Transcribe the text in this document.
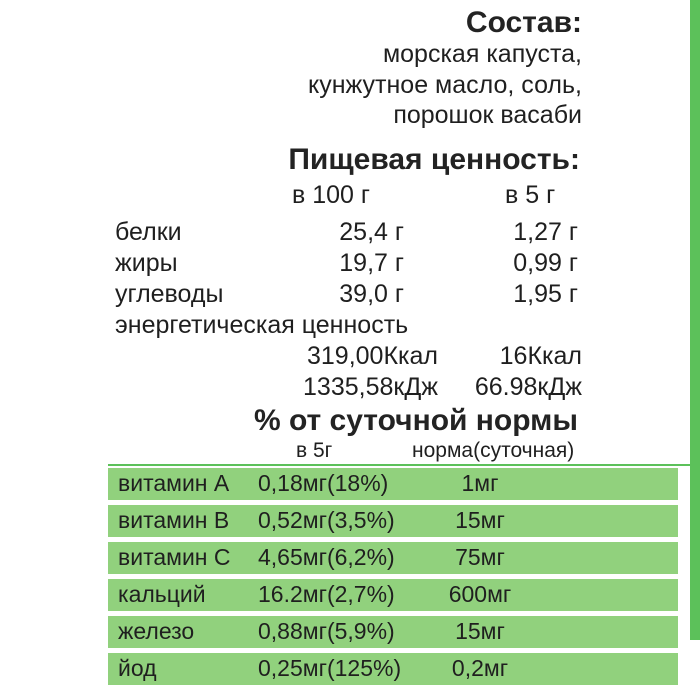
Состав:
морская капуста,
кунжутное масло, соль,
порошок васаби
Пищевая ценность:
в 100 г	в 5 г
белки	25,4 г	1,27 г
жиры	19,7 г	0,99 г
углеводы	39,0 г	1,95 г
энергетическая ценность
319,00Ккал 16Ккал
1335,58кДж 66.98кДж
% от суточной нормы
в 5г	норма(суточная)
витамин А 0,18мг(18%)	1мг
витамин В 0,52мг(3,5%)	15мг
витамин С 4,65мг(6,2%)	75мг
кальций 16.2мг(2,7%)	600мг
железо	0,88мг(5,9%)	15мг
йод	0,25мг(125%)	0,2мг
